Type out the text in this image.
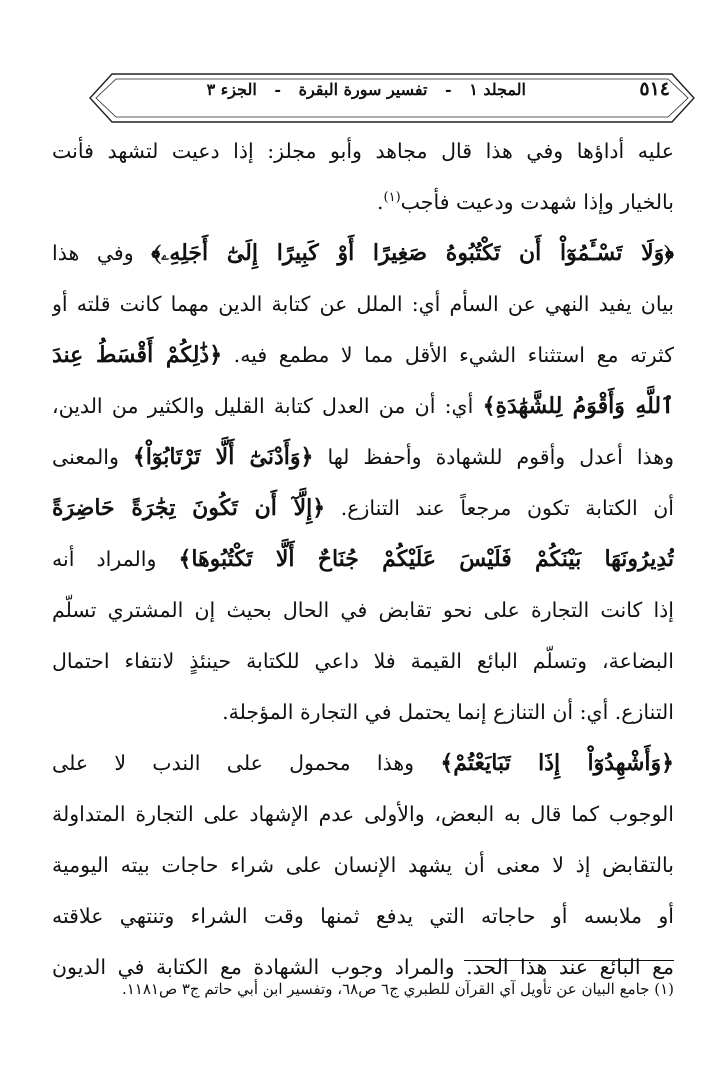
٥١٤
المجلد ١ - تفسير سورة البقرة - الجزء ٣
عليه أداؤها وفي هذا قال مجاهد وأبو مجلز: إذا دعيت لتشهد فأنت
بالخيار وإذا شهدت ودعيت فأجب$^{(١)}$.
﴿وَلَا تَسْـَٔمُوٓاْ أَن تَكْتُبُوهُ صَغِيرًا أَوْ كَبِيرًا إِلَىٰٓ أَجَلِهِۦ﴾ وفي هذا
بيان يفيد النهي عن السأم أي: الملل عن كتابة الدين مهما كانت قلته أو
كثرته مع استثناء الشيء الأقل مما لا مطمع فيه. ﴿ذَٰلِكُمْ أَقْسَطُ عِندَ
ٱللَّهِ وَأَقْوَمُ لِلشَّهَٰدَةِ﴾ أي: أن من العدل كتابة القليل والكثير من الدين،
وهذا أعدل وأقوم للشهادة وأحفظ لها ﴿وَأَدْنَىٰٓ أَلَّا تَرْتَابُوٓاْ﴾ والمعنى
أن الكتابة تكون مرجعاً عند التنازع. ﴿إِلَّآ أَن تَكُونَ تِجَٰرَةً حَاضِرَةً
تُدِيرُونَهَا بَيْنَكُمْ فَلَيْسَ عَلَيْكُمْ جُنَاحٌ أَلَّا تَكْتُبُوهَا﴾ والمراد أنه
إذا كانت التجارة على نحو تقابض في الحال بحيث إن المشتري تسلّم
البضاعة، وتسلّم البائع القيمة فلا داعي للكتابة حينئذٍ لانتفاء احتمال
التنازع. أي: أن التنازع إنما يحتمل في التجارة المؤجلة.
﴿وَأَشْهِدُوٓاْ إِذَا تَبَايَعْتُمْ﴾ وهذا محمول على الندب لا على
الوجوب كما قال به البعض، والأولى عدم الإشهاد على التجارة المتداولة
بالتقابض إذ لا معنى أن يشهد الإنسان على شراء حاجات بيته اليومية
أو ملابسه أو حاجاته التي يدفع ثمنها وقت الشراء وتنتهي علاقته
مع البائع عند هذا الحد. والمراد وجوب الشهادة مع الكتابة في الديون
(١) جامع البيان عن تأويل آي القرآن للطبري ج٦ ص٦٨، وتفسير ابن أبي حاتم ج٣ ص١١٨١.
